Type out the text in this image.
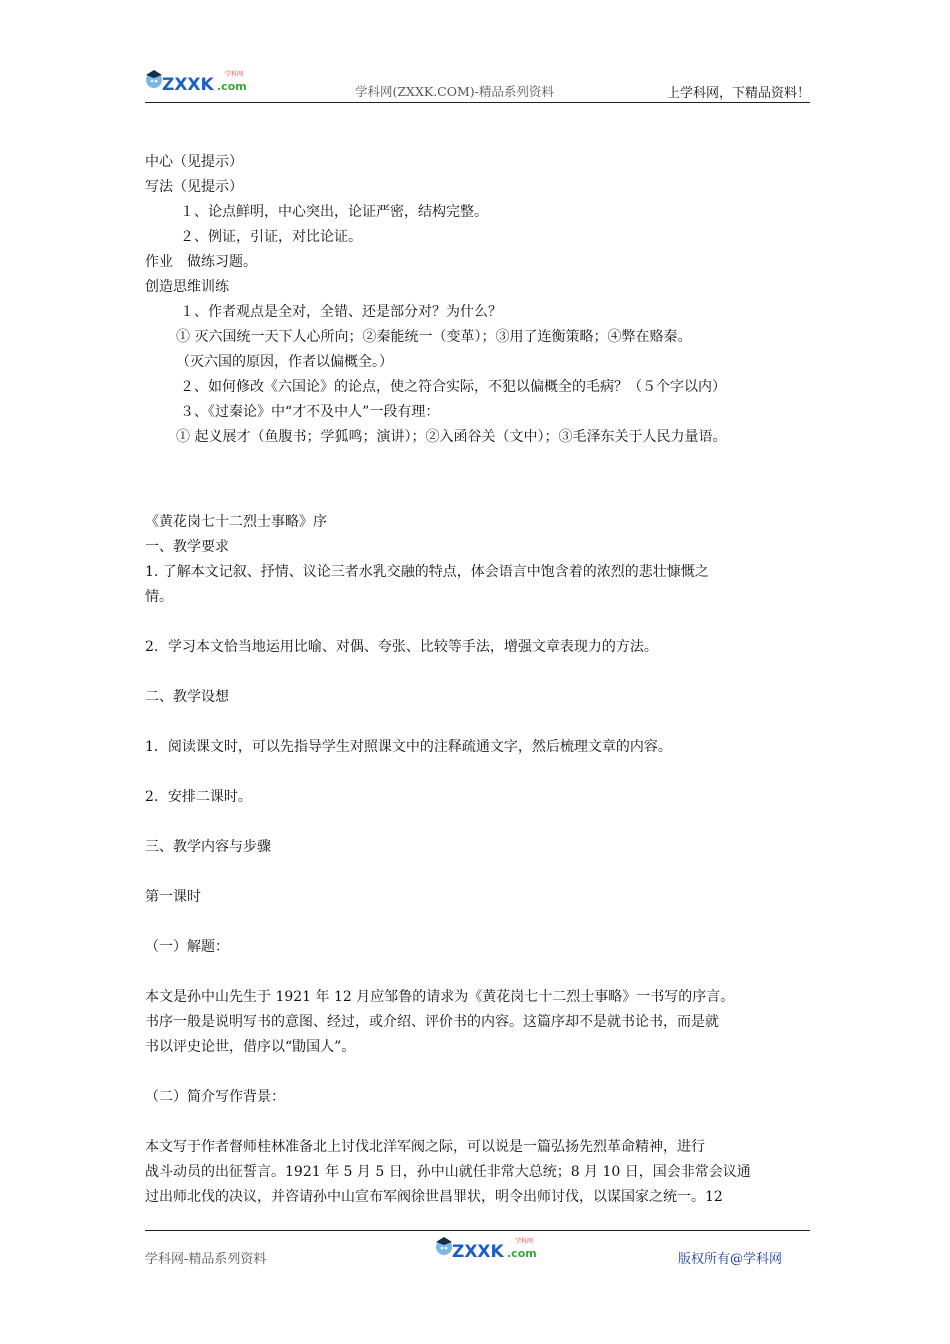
ZXXK .com
学科网
学科网(ZXXK.COM)-精品系列资料	上学科网，下精品资料！
中心（见提示）
写法（见提示）
１、论点鲜明，中心突出，论证严密，结构完整。
２、例证，引证，对比论证。
作业　做练习题。
创造思维训练
１、作者观点是全对，全错、还是部分对？为什么？
① 灭六国统一天下人心所向；②秦能统一（变革）；③用了连衡策略；④弊在赂秦。
（灭六国的原因，作者以偏概全。）
２、如何修改《六国论》的论点，使之符合实际，不犯以偏概全的毛病？（５个字以内）
３、《过秦论》中“才不及中人”一段有理：
① 起义展才（鱼腹书；学狐鸣；演讲）；②入函谷关（文中）；③毛泽东关于人民力量语。
《黄花岗七十二烈士事略》序
一、教学要求
1. 了解本文记叙、抒情、议论三者水乳交融的特点，体会语言中饱含着的浓烈的悲壮慷慨之
情。
2．学习本文恰当地运用比喻、对偶、夸张、比较等手法，增强文章表现力的方法。
二、教学设想
1．阅读课文时，可以先指导学生对照课文中的注释疏通文字，然后梳理文章的内容。
2．安排二课时。
三、教学内容与步骤
第一课时
（一）解题：
本文是孙中山先生于 1921 年 12 月应邹鲁的请求为《黄花岗七十二烈士事略》一书写的序言。
书序一般是说明写书的意图、经过，或介绍、评价书的内容。这篇序却不是就书论书，而是就
书以评史论世，借序以“勖国人”。
（二）简介写作背景：
本文写于作者督师桂林准备北上讨伐北洋军阀之际，可以说是一篇弘扬先烈革命精神，进行
战斗动员的出征誓言。1921 年 5 月 5 日，孙中山就任非常大总统；8 月 10 日，国会非常会议通
过出师北伐的决议，并咨请孙中山宣布军阀徐世昌罪状，明令出师讨伐，以谋国家之统一。12
学科网-精品系列资料	ZXXK .com
学科网
版权所有@学科网
